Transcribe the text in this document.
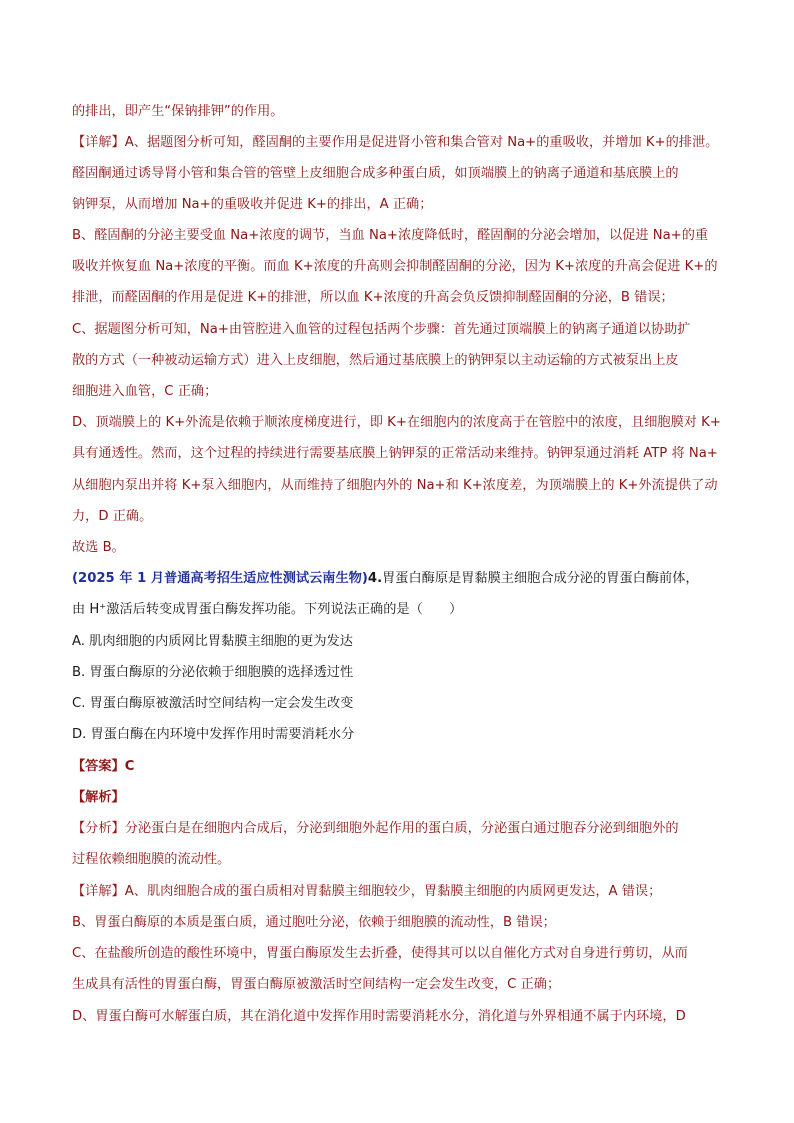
的排出，即产生“保钠排钾”的作用。
【详解】A、据题图分析可知，醛固酮的主要作用是促进肾小管和集合管对 Na+的重吸收，并增加 K+的排泄。
醛固酮通过诱导肾小管和集合管的管壁上皮细胞合成多种蛋白质，如顶端膜上的钠离子通道和基底膜上的
钠钾泵，从而增加 Na+的重吸收并促进 K+的排出，A 正确；
B、醛固酮的分泌主要受血 Na+浓度的调节，当血 Na+浓度降低时，醛固酮的分泌会增加，以促进 Na+的重
吸收并恢复血 Na+浓度的平衡。而血 K+浓度的升高则会抑制醛固酮的分泌，因为 K+浓度的升高会促进 K+的
排泄，而醛固酮的作用是促进 K+的排泄，所以血 K+浓度的升高会负反馈抑制醛固酮的分泌，B 错误；
C、据题图分析可知，Na+由管腔进入血管的过程包括两个步骤：首先通过顶端膜上的钠离子通道以协助扩
散的方式（一种被动运输方式）进入上皮细胞，然后通过基底膜上的钠钾泵以主动运输的方式被泵出上皮
细胞进入血管，C 正确；
D、顶端膜上的 K+外流是依赖于顺浓度梯度进行，即 K+在细胞内的浓度高于在管腔中的浓度，且细胞膜对 K+
具有通透性。然而，这个过程的持续进行需要基底膜上钠钾泵的正常活动来维持。钠钾泵通过消耗 ATP 将 Na+
从细胞内泵出并将 K+泵入细胞内，从而维持了细胞内外的 Na+和 K+浓度差，为顶端膜上的 K+外流提供了动
力，D 正确。
故选 B。
(2025 年 1 月普通高考招生适应性测试云南生物)4.胃蛋白酶原是胃黏膜主细胞合成分泌的胃蛋白酶前体，
由 H⁺激活后转变成胃蛋白酶发挥功能。下列说法正确的是（　　）
A. 肌肉细胞的内质网比胃黏膜主细胞的更为发达
B. 胃蛋白酶原的分泌依赖于细胞膜的选择透过性
C. 胃蛋白酶原被激活时空间结构一定会发生改变
D. 胃蛋白酶在内环境中发挥作用时需要消耗水分
【答案】C
【解析】
【分析】分泌蛋白是在细胞内合成后，分泌到细胞外起作用的蛋白质，分泌蛋白通过胞吞分泌到细胞外的
过程依赖细胞膜的流动性。
【详解】A、肌肉细胞合成的蛋白质相对胃黏膜主细胞较少，胃黏膜主细胞的内质网更发达，A 错误；
B、胃蛋白酶原的本质是蛋白质，通过胞吐分泌，依赖于细胞膜的流动性，B 错误；
C、在盐酸所创造的酸性环境中，胃蛋白酶原发生去折叠，使得其可以以自催化方式对自身进行剪切，从而
生成具有活性的胃蛋白酶，胃蛋白酶原被激活时空间结构一定会发生改变，C 正确；
D、胃蛋白酶可水解蛋白质，其在消化道中发挥作用时需要消耗水分，消化道与外界相通不属于内环境，D
